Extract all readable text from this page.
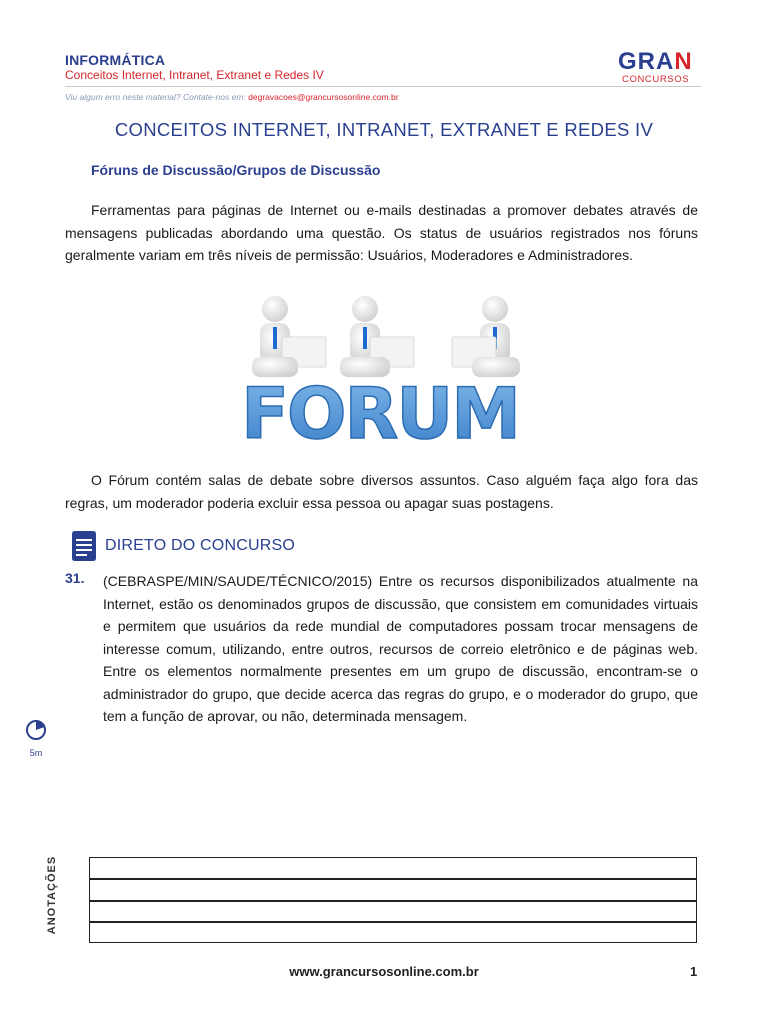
INFORMÁTICA
Conceitos Internet, Intranet, Extranet e Redes IV	GRAN
CONCURSOS
Viu algum erro neste material? Contate-nos em: degravacoes@grancursosonline.com.br
CONCEITOS INTERNET, INTRANET, EXTRANET E REDES IV
Fóruns de Discussão/Grupos de Discussão
Ferramentas para páginas de Internet ou e-mails destinadas a promover debates através de mensagens publicadas abordando uma questão. Os status de usuários registrados nos fóruns geralmente variam em três níveis de permissão: Usuários, Moderadores e Administradores.
FORUM
O Fórum contém salas de debate sobre diversos assuntos. Caso alguém faça algo fora das regras, um moderador poderia excluir essa pessoa ou apagar suas postagens.
DIRETO DO CONCURSO
31. (CEBRASPE/MIN/SAUDE/TÉCNICO/2015) Entre os recursos disponibilizados atualmente na Internet, estão os denominados grupos de discussão, que consistem em comunidades virtuais e permitem que usuários da rede mundial de computadores possam trocar mensagens de interesse comum, utilizando, entre outros, recursos de correio eletrônico e de páginas web. Entre os elementos normalmente presentes em um grupo de discussão, encontram-se o administrador do grupo, que decide acerca das regras do grupo, e o moderador do grupo, que tem a função de aprovar, ou não, determinada mensagem.
5m
ANOTAÇÕES
www.grancursosonline.com.br	1
